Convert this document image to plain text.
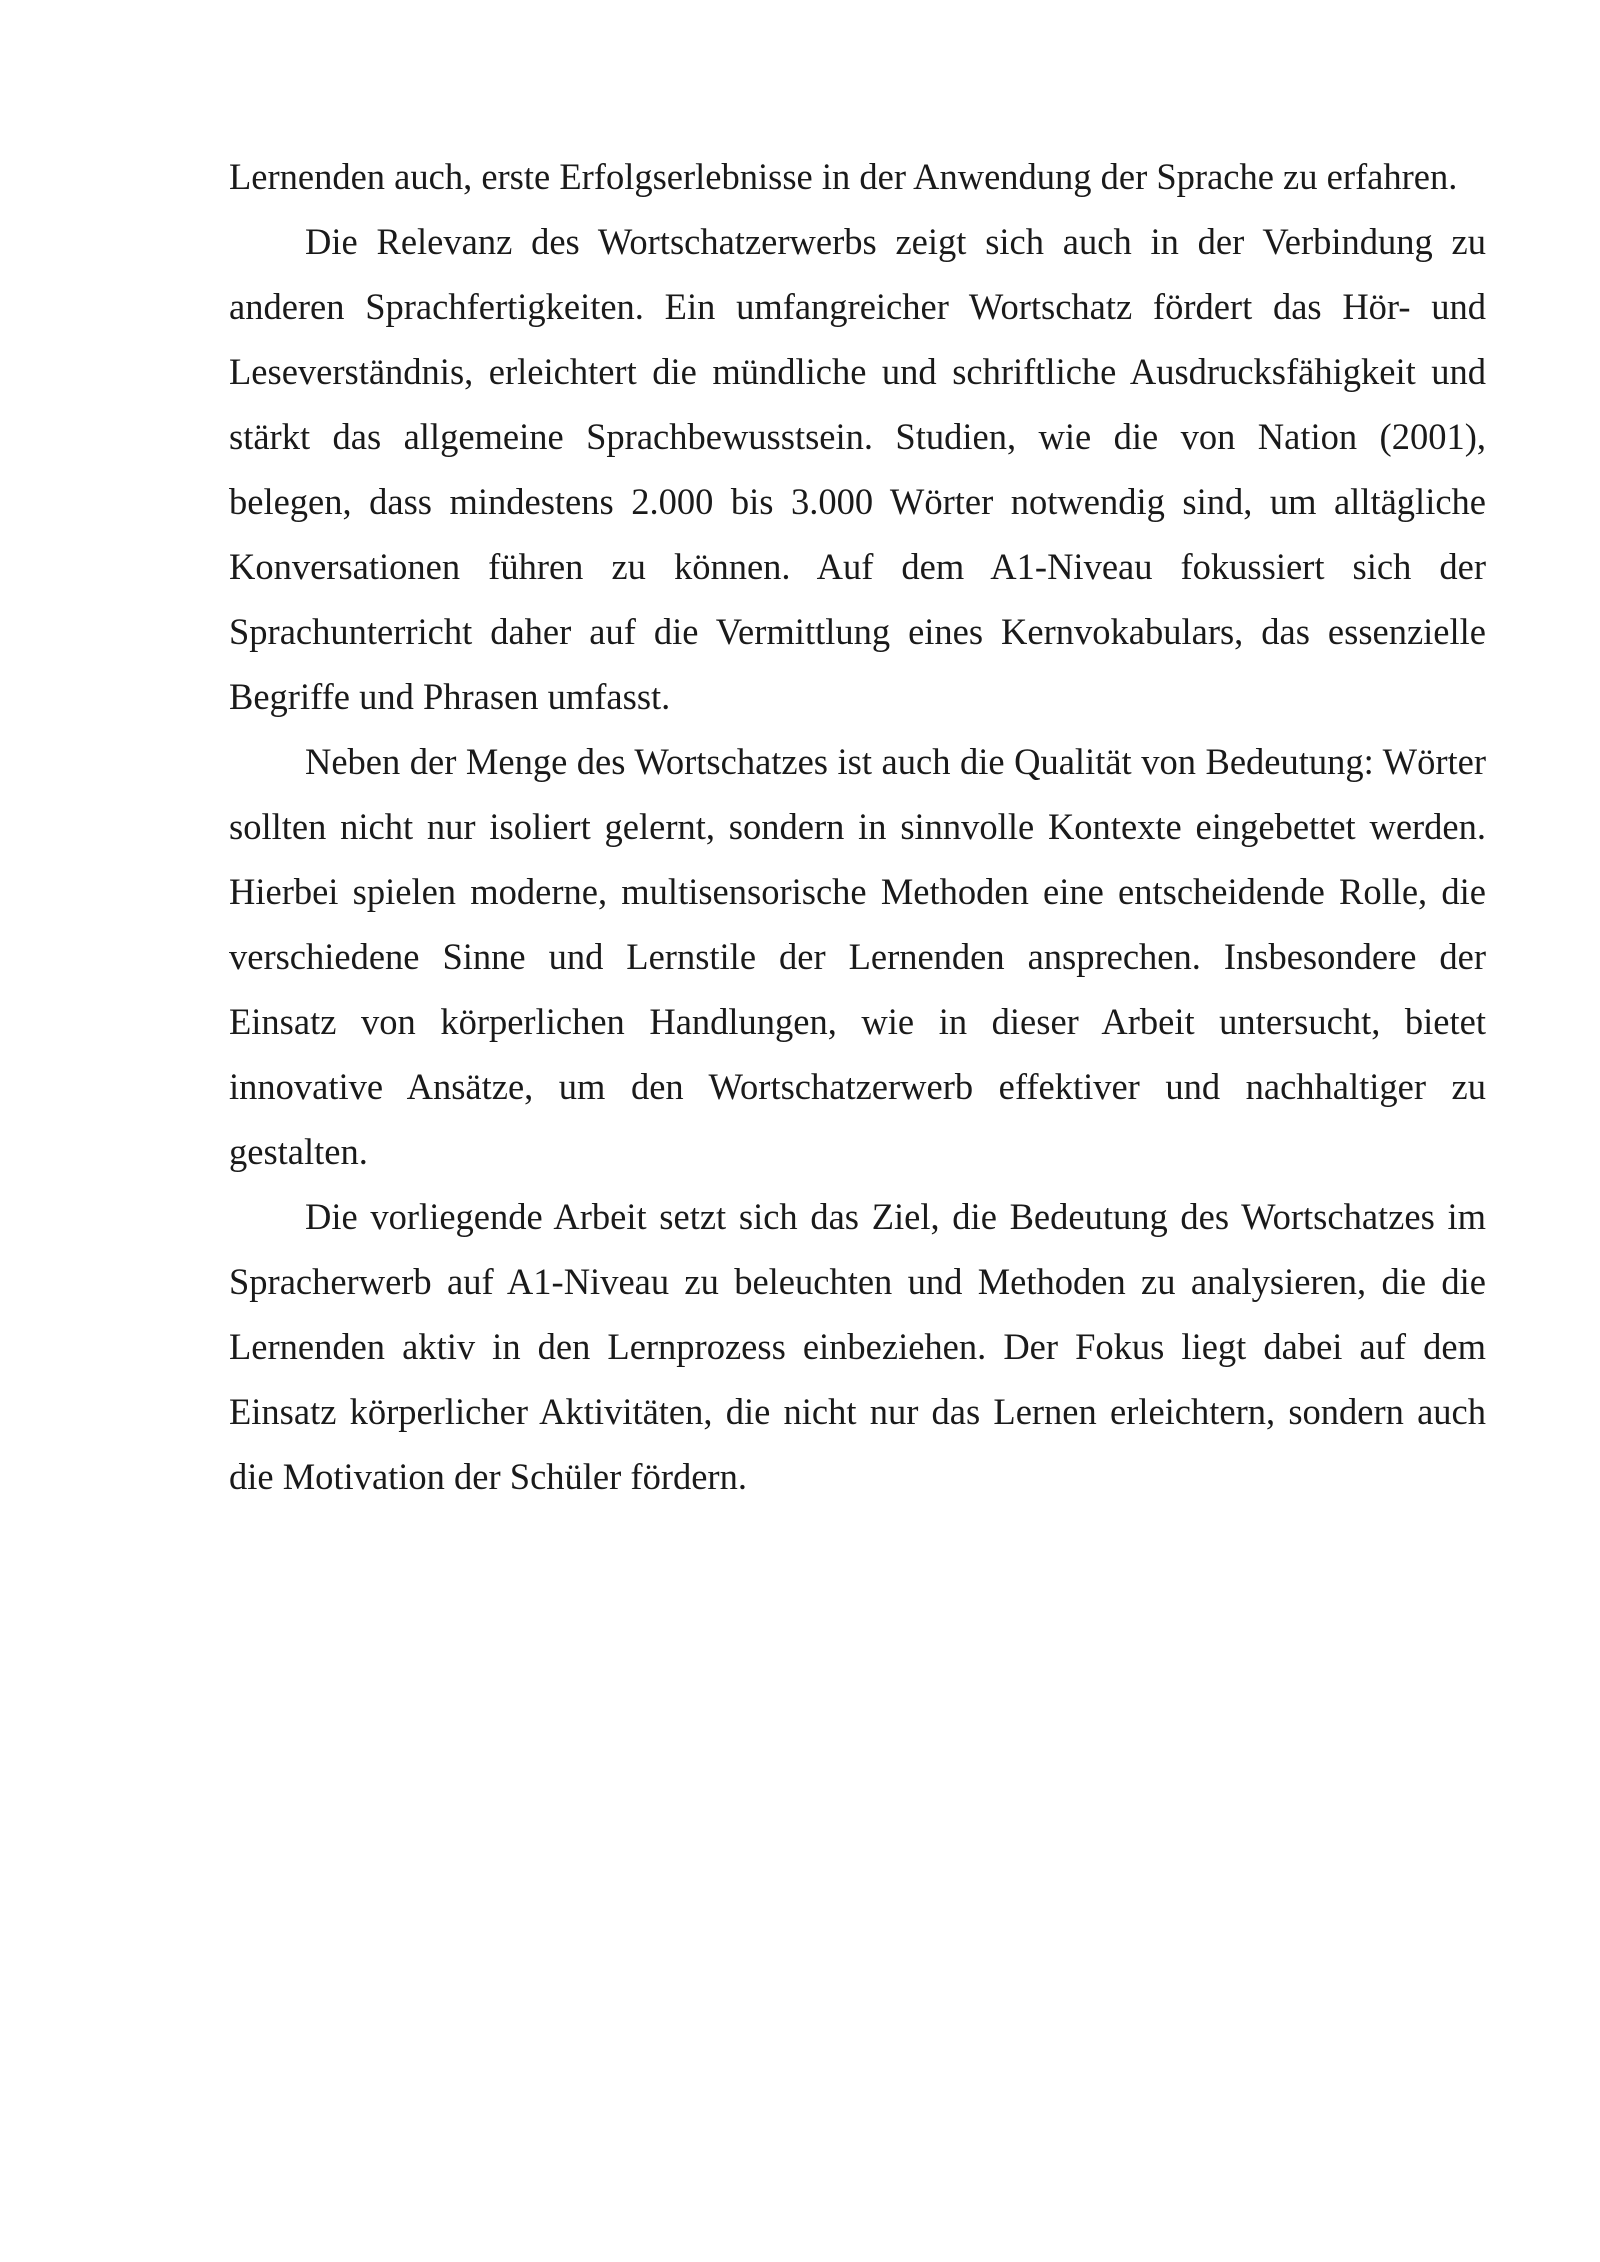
Lernenden auch, erste Erfolgserlebnisse in der Anwendung der Sprache zu erfahren.

Die Relevanz des Wortschatzerwerbs zeigt sich auch in der Verbindung zu anderen Sprachfertigkeiten. Ein umfangreicher Wortschatz fördert das Hör- und Leseverständnis, erleichtert die mündliche und schriftliche Ausdrucksfähigkeit und stärkt das allgemeine Sprachbewusstsein. Studien, wie die von Nation (2001), belegen, dass mindestens 2.000 bis 3.000 Wörter notwendig sind, um alltägliche Konversationen führen zu können. Auf dem A1-Niveau fokussiert sich der Sprachunterricht daher auf die Vermittlung eines Kernvokabulars, das essenzielle Begriffe und Phrasen umfasst.

Neben der Menge des Wortschatzes ist auch die Qualität von Bedeutung: Wörter sollten nicht nur isoliert gelernt, sondern in sinnvolle Kontexte eingebettet werden. Hierbei spielen moderne, multisensorische Methoden eine entscheidende Rolle, die verschiedene Sinne und Lernstile der Lernenden ansprechen. Insbesondere der Einsatz von körperlichen Handlungen, wie in dieser Arbeit untersucht, bietet innovative Ansätze, um den Wortschatzerwerb effektiver und nachhaltiger zu gestalten.

Die vorliegende Arbeit setzt sich das Ziel, die Bedeutung des Wortschatzes im Spracherwerb auf A1-Niveau zu beleuchten und Methoden zu analysieren, die die Lernenden aktiv in den Lernprozess einbeziehen. Der Fokus liegt dabei auf dem Einsatz körperlicher Aktivitäten, die nicht nur das Lernen erleichtern, sondern auch die Motivation der Schüler fördern.
